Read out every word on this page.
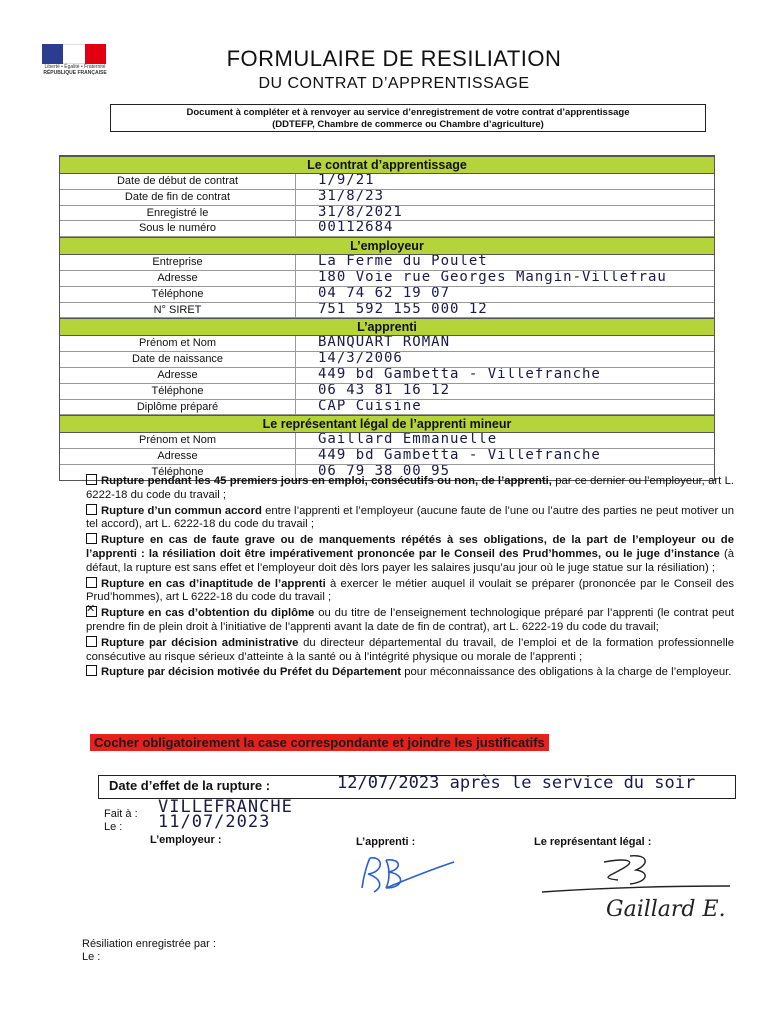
Liberté • Égalité • Fraternité
RÉPUBLIQUE FRANÇAISE
FORMULAIRE DE RESILIATION
DU CONTRAT D’APPRENTISSAGE
Document à compléter et à renvoyer au service d’enregistrement de votre contrat d’apprentissage
(DDTEFP, Chambre de commerce ou Chambre d’agriculture)
Le contrat d’apprentissage
Date de début de contrat	1/9/21
Date de fin de contrat	31/8/23
Enregistré le	31/8/2021
Sous le numéro	00112684
L’employeur
Entreprise	La Ferme du Poulet
Adresse	180 Voie rue Georges Mangin-Villefrau
Téléphone	04 74 62 19 07
N° SIRET	751 592 155 000 12
L’apprenti
Prénom et Nom	BANQUART ROMAN
Date de naissance	14/3/2006
Adresse	449 bd Gambetta - Villefranche
Téléphone	06 43 81 16 12
Diplôme préparé	CAP Cuisine
Le représentant légal de l’apprenti mineur
Prénom et Nom	Gaillard Emmanuelle
Adresse	449 bd Gambetta - Villefranche
Téléphone	06 79 38 00 95
Rupture pendant les 45 premiers jours en emploi, consécutifs ou non, de l’apprenti, par ce dernier ou l’employeur, art L. 6222-18 du code du travail ;
Rupture d’un commun accord entre l’apprenti et l’employeur (aucune faute de l’une ou l’autre des parties ne peut motiver un tel accord), art L. 6222-18 du code du travail ;
Rupture en cas de faute grave ou de manquements répétés à ses obligations, de la part de l’employeur ou de l’apprenti : la résiliation doit être impérativement prononcée par le Conseil des Prud’hommes, ou le juge d’instance (à défaut, la rupture est sans effet et l’employeur doit dès lors payer les salaires jusqu’au jour où le juge statue sur la résiliation) ;
Rupture en cas d’inaptitude de l’apprenti à exercer le métier auquel il voulait se préparer (prononcée par le Conseil des Prud’hommes), art L 6222-18 du code du travail ;
✕Rupture en cas d’obtention du diplôme ou du titre de l’enseignement technologique préparé par l’apprenti (le contrat peut prendre fin de plein droit à l’initiative de l’apprenti avant la date de fin de contrat), art L. 6222-19 du code du travail;
Rupture par décision administrative du directeur départemental du travail, de l’emploi et de la formation professionnelle consécutive au risque sérieux d’atteinte à la santé ou à l’intégrité physique ou morale de l’apprenti ;
Rupture par décision motivée du Préfet du Département pour méconnaissance des obligations à la charge de l’employeur.
Cocher obligatoirement la case correspondante et joindre les justificatifs
Date d’effet de la rupture :	12/07/2023 après le service du soir
Fait à :
Le :
VILLEFRANCHE
11/07/2023
L’employeur :	L’apprenti :	Le représentant légal :
Gaillard E.
Résiliation enregistrée par :
Le :
